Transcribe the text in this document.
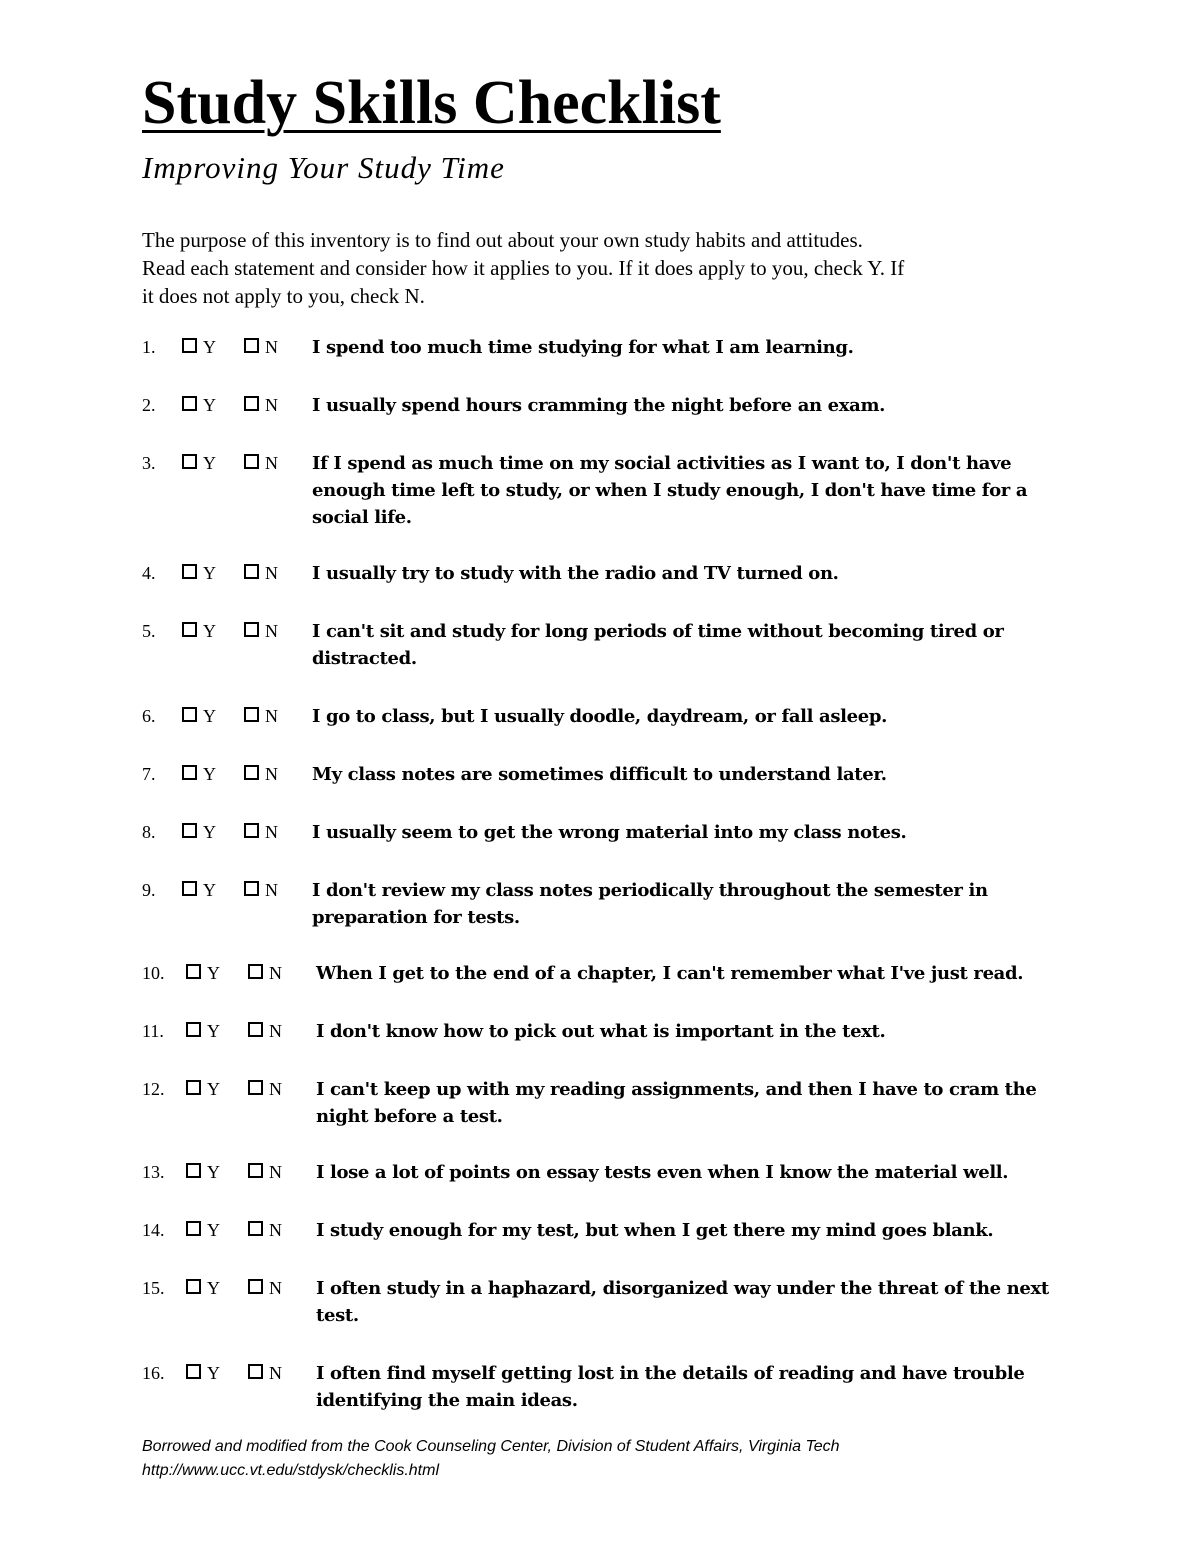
Study Skills Checklist
Improving Your Study Time

The purpose of this inventory is to find out about your own study habits and attitudes.

Read each statement and consider how it applies to you. If it does apply to you, check Y. If

it does not apply to you, check N.

1.	Y	N	I spend too much time studying for what I am learning.
2.	Y	N	I usually spend hours cramming the night before an exam.
3.	Y	N	If I spend as much time on my social activities as I want to, I don't have enough time left to study, or when I study enough, I don't have time for a social life.
4.	Y	N	I usually try to study with the radio and TV turned on.
5.	Y	N	I can't sit and study for long periods of time without becoming tired or distracted.
6.	Y	N	I go to class, but I usually doodle, daydream, or fall asleep.
7.	Y	N	My class notes are sometimes difficult to understand later.
8.	Y	N	I usually seem to get the wrong material into my class notes.
9.	Y	N	I don't review my class notes periodically throughout the semester in preparation for tests.
10.	Y	N	When I get to the end of a chapter, I can't remember what I've just read.
11.	Y	N	I don't know how to pick out what is important in the text.
12.	Y	N	I can't keep up with my reading assignments, and then I have to cram the night before a test.
13.	Y	N	I lose a lot of points on essay tests even when I know the material well.
14.	Y	N	I study enough for my test, but when I get there my mind goes blank.
15.	Y	N	I often study in a haphazard, disorganized way under the threat of the next test.
16.	Y	N	I often find myself getting lost in the details of reading and have trouble identifying the main ideas.
Borrowed and modified from the Cook Counseling Center, Division of Student Affairs, Virginia Tech
http://www.ucc.vt.edu/stdysk/checklis.html
